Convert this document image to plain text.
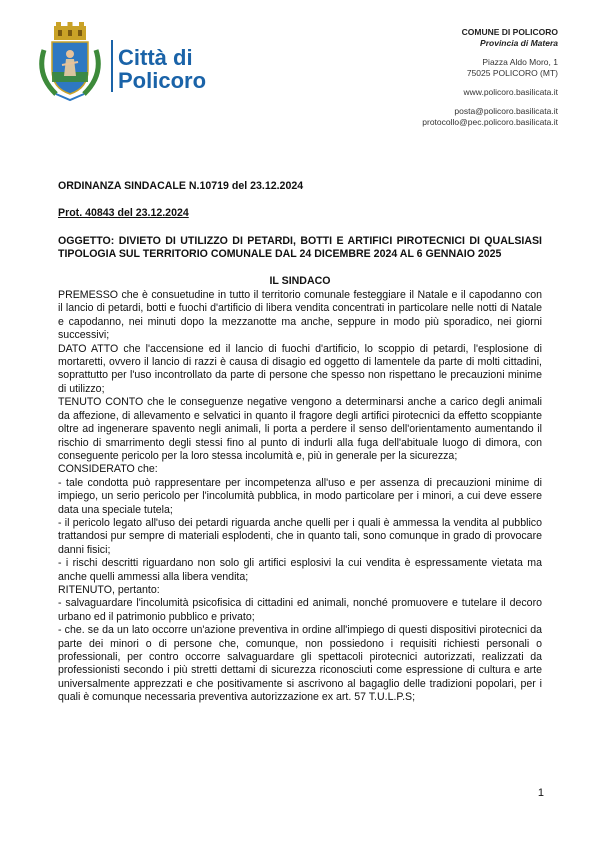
Città di
Policoro
COMUNE DI POLICORO
Provincia di Matera
Piazza Aldo Moro, 1
75025 POLICORO (MT)
www.policoro.basilicata.it
posta@policoro.basilicata.it
protocollo@pec.policoro.basilicata.it

ORDINANZA SINDACALE N.10719 del 23.12.2024

Prot. 40843 del 23.12.2024

OGGETTO: DIVIETO DI UTILIZZO DI PETARDI, BOTTI E ARTIFICI PIROTECNICI DI QUALSIASI TIPOLOGIA SUL TERRITORIO COMUNALE DAL 24 DICEMBRE 2024 AL 6 GENNAIO 2025

IL SINDACO

PREMESSO che è consuetudine in tutto il territorio comunale festeggiare il Natale e il capodanno con il lancio di petardi, botti e fuochi d'artificio di libera vendita concentrati in particolare nelle notti di Natale e capodanno, nei minuti dopo la mezzanotte ma anche, seppure in modo più sporadico, nei giorni successivi;

DATO ATTO che l'accensione ed il lancio di fuochi d'artificio, lo scoppio di petardi, l'esplosione di mortaretti, ovvero il lancio di razzi è causa di disagio ed oggetto di lamentele da parte di molti cittadini, soprattutto per l'uso incontrollato da parte di persone che spesso non rispettano le precauzioni minime di utilizzo;

TENUTO CONTO che le conseguenze negative vengono a determinarsi anche a carico degli animali da affezione, di allevamento e selvatici in quanto il fragore degli artifici pirotecnici da effetto scoppiante oltre ad ingenerare spavento negli animali, li porta a perdere il senso dell'orientamento aumentando il rischio di smarrimento degli stessi fino al punto di indurli alla fuga dell'abituale luogo di dimora, con conseguente pericolo per la loro stessa incolumità e, più in generale per la sicurezza;

CONSIDERATO che:

- tale condotta può rappresentare per incompetenza all'uso e per assenza di precauzioni minime di impiego, un serio pericolo per l'incolumità pubblica, in modo particolare per i minori, a cui deve essere data una speciale tutela;

- il pericolo legato all'uso dei petardi riguarda anche quelli per i quali è ammessa la vendita al pubblico trattandosi pur sempre di materiali esplodenti, che in quanto tali, sono comunque in grado di provocare danni fisici;

- i rischi descritti riguardano non solo gli artifici esplosivi la cui vendita è espressamente vietata ma anche quelli ammessi alla libera vendita;

RITENUTO, pertanto:

- salvaguardare l'incolumità psicofisica di cittadini ed animali, nonché promuovere e tutelare il decoro urbano ed il patrimonio pubblico e privato;

- che. se da un lato occorre un'azione preventiva in ordine all'impiego di questi dispositivi pirotecnici da parte dei minori o di persone che, comunque, non possiedono i requisiti richiesti personali o professionali, per contro occorre salvaguardare gli spettacoli pirotecnici autorizzati, realizzati da professionisti secondo i più stretti dettami di sicurezza riconosciuti come espressione di cultura e arte universalmente apprezzati e che positivamente si ascrivono al bagaglio delle tradizioni popolari, per i quali è comunque necessaria preventiva autorizzazione ex art. 57 T.U.L.P.S;

1
